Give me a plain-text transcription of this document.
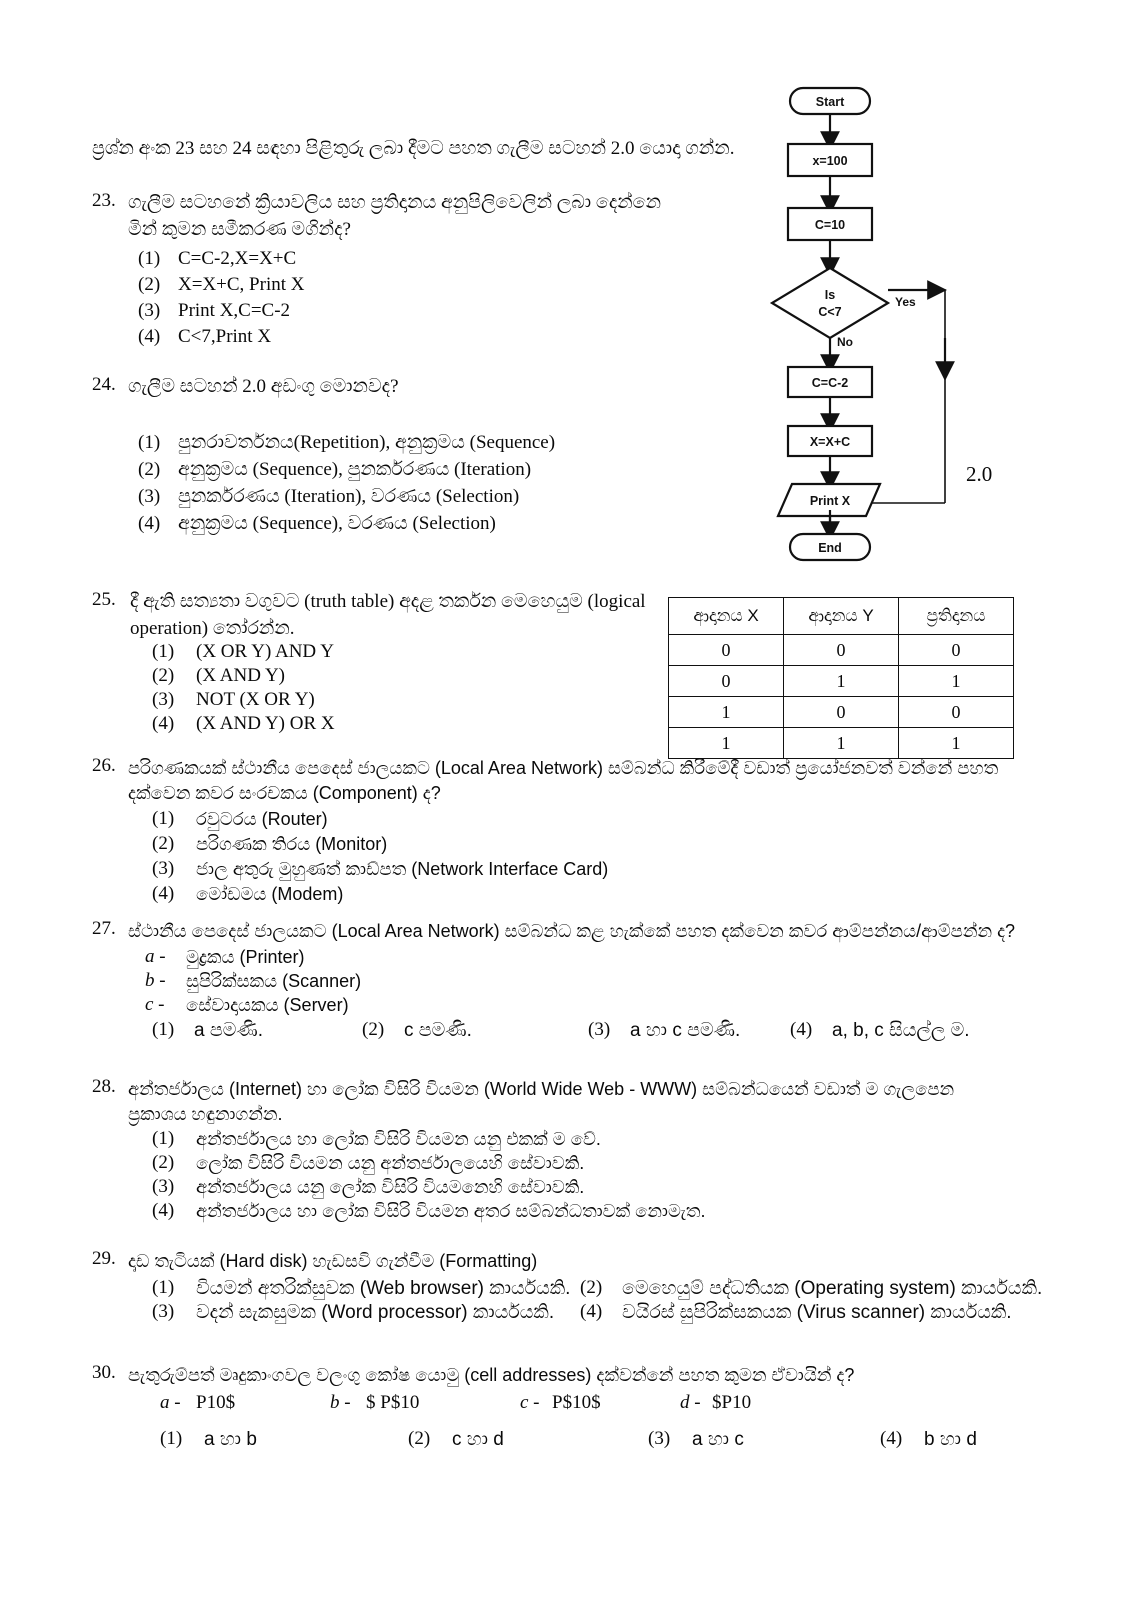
ප්‍රශ්න අංක 23 සහ 24 සඳහා පිළිතුරු ලබා දීමට පහත ගැලීම සටහන් 2.0 යොදා ගන්න.
Start
x=100
C=10
Is
C<7
Yes
No
C=C-2
X=X+C
Print X
End
2.0
23. ගැලීම සටහනේ ක්‍රියාවලිය සහ ප්‍රතිදානය අනුපිලිවෙලින් ලබා දෙන්නෙ
මින් කුමන සමීකරණ මගින්ද?
(1) C=C-2,X=X+C
(2) X=X+C, Print X
(3) Print X,C=C-2
(4) C<7,Print X
24. ගැලීම සටහන් 2.0 අඩංගු මොනවද?
(1) පුනරාවර්තනය(Repetition), අනුක්‍රමය (Sequence)
(2) අනුක්‍රමය (Sequence), පුනර්කරණය (Iteration)
(3) පුනර්කරණය (Iteration), වරණය (Selection)
(4) අනුක්‍රමය (Sequence), වරණය (Selection)
25. දී ඇති සත්‍යතා වගුවට (truth table) අදළ තර්කන මෙහෙයුම (logical
operation) තෝරන්න.
(1) (X OR Y) AND Y
(2) (X AND Y)
(3) NOT (X OR Y)
(4) (X AND Y) OR X
ආදානය X	ආදානය Y	ප්‍රතිදානය
0	0	0
0	1	1
1	0	0
1	1	1
26. පරිගණකයක් ස්ථානීය පෙදෙස් ජාලයකට (Local Area Network) සම්බන්ධ කිරීමේදී වඩාත් ප්‍රයෝජනවත් වන්නේ පහත
දක්වෙන කවර සංරචකය (Component) ද?
(1) රවුටරය (Router)
(2) පරිගණක තිරය (Monitor)
(3) ජාල අතුරු මුහුණත් කාඩ්පත (Network Interface Card)
(4) මෝඩමය (Modem)
27. ස්ථානීය පෙදෙස් ජාලයකට (Local Area Network) සම්බන්ධ කළ හැක්කේ පහත දක්වෙන කවර ආම්පන්නය/ආම්පන්න ද?
a - මුද්‍රකය (Printer)
b - සුපිරික්සකය (Scanner)
c - සේවාදායකය (Server)
(1) a පමණි.	(2) c පමණි.	(3) a හා c පමණි.	(4) a, b, c සියල්ල ම.
28. අන්තර්ජාලය (Internet) හා ලෝක විසිරි වියමන (World Wide Web - WWW) සම්බන්ධයෙන් වඩාත් ම ගැලපෙන
ප්‍රකාශය හඳුනාගන්න.
(1) අන්තර්ජාලය හා ලෝක විසිරි වියමන යනු එකක් ම වේ.
(2) ලෝක විසිරි වියමන යනු අන්තර්ජාලයෙහි සේවාවකි.
(3) අන්තර්ජාලය යනු ලෝක විසිරි වියමනෙහි සේවාවකි.
(4) අන්තර්ජාලය හා ලෝක විසිරි වියමන අතර සම්බන්ධතාවක් නොමැත.
29. දෘඩ තැටියක් (Hard disk) හැඩසවි ගැන්වීම (Formatting)
(1) වියමන් අතරික්සුවක (Web browser) කාර්යයකි. (2) මෙහෙයුම් පද්ධතියක (Operating system) කාර්යයකි.
(3) වදන් සැකසුමක (Word processor) කාර්යයකි. (4) වයිරස් සුපිරික්සකයක (Virus scanner) කාර්යයකි.
30. පැතුරුම්පත් මෘදුකාංගවල වලංගු කෝෂ යොමු (cell addresses) දක්වන්නේ පහත කුමන ඒවායින් ද?
a - P10$	b - $ P$10	c - P$10$	d - $P10
(1) a හා b	(2) c හා d	(3) a හා c	(4) b හා d
